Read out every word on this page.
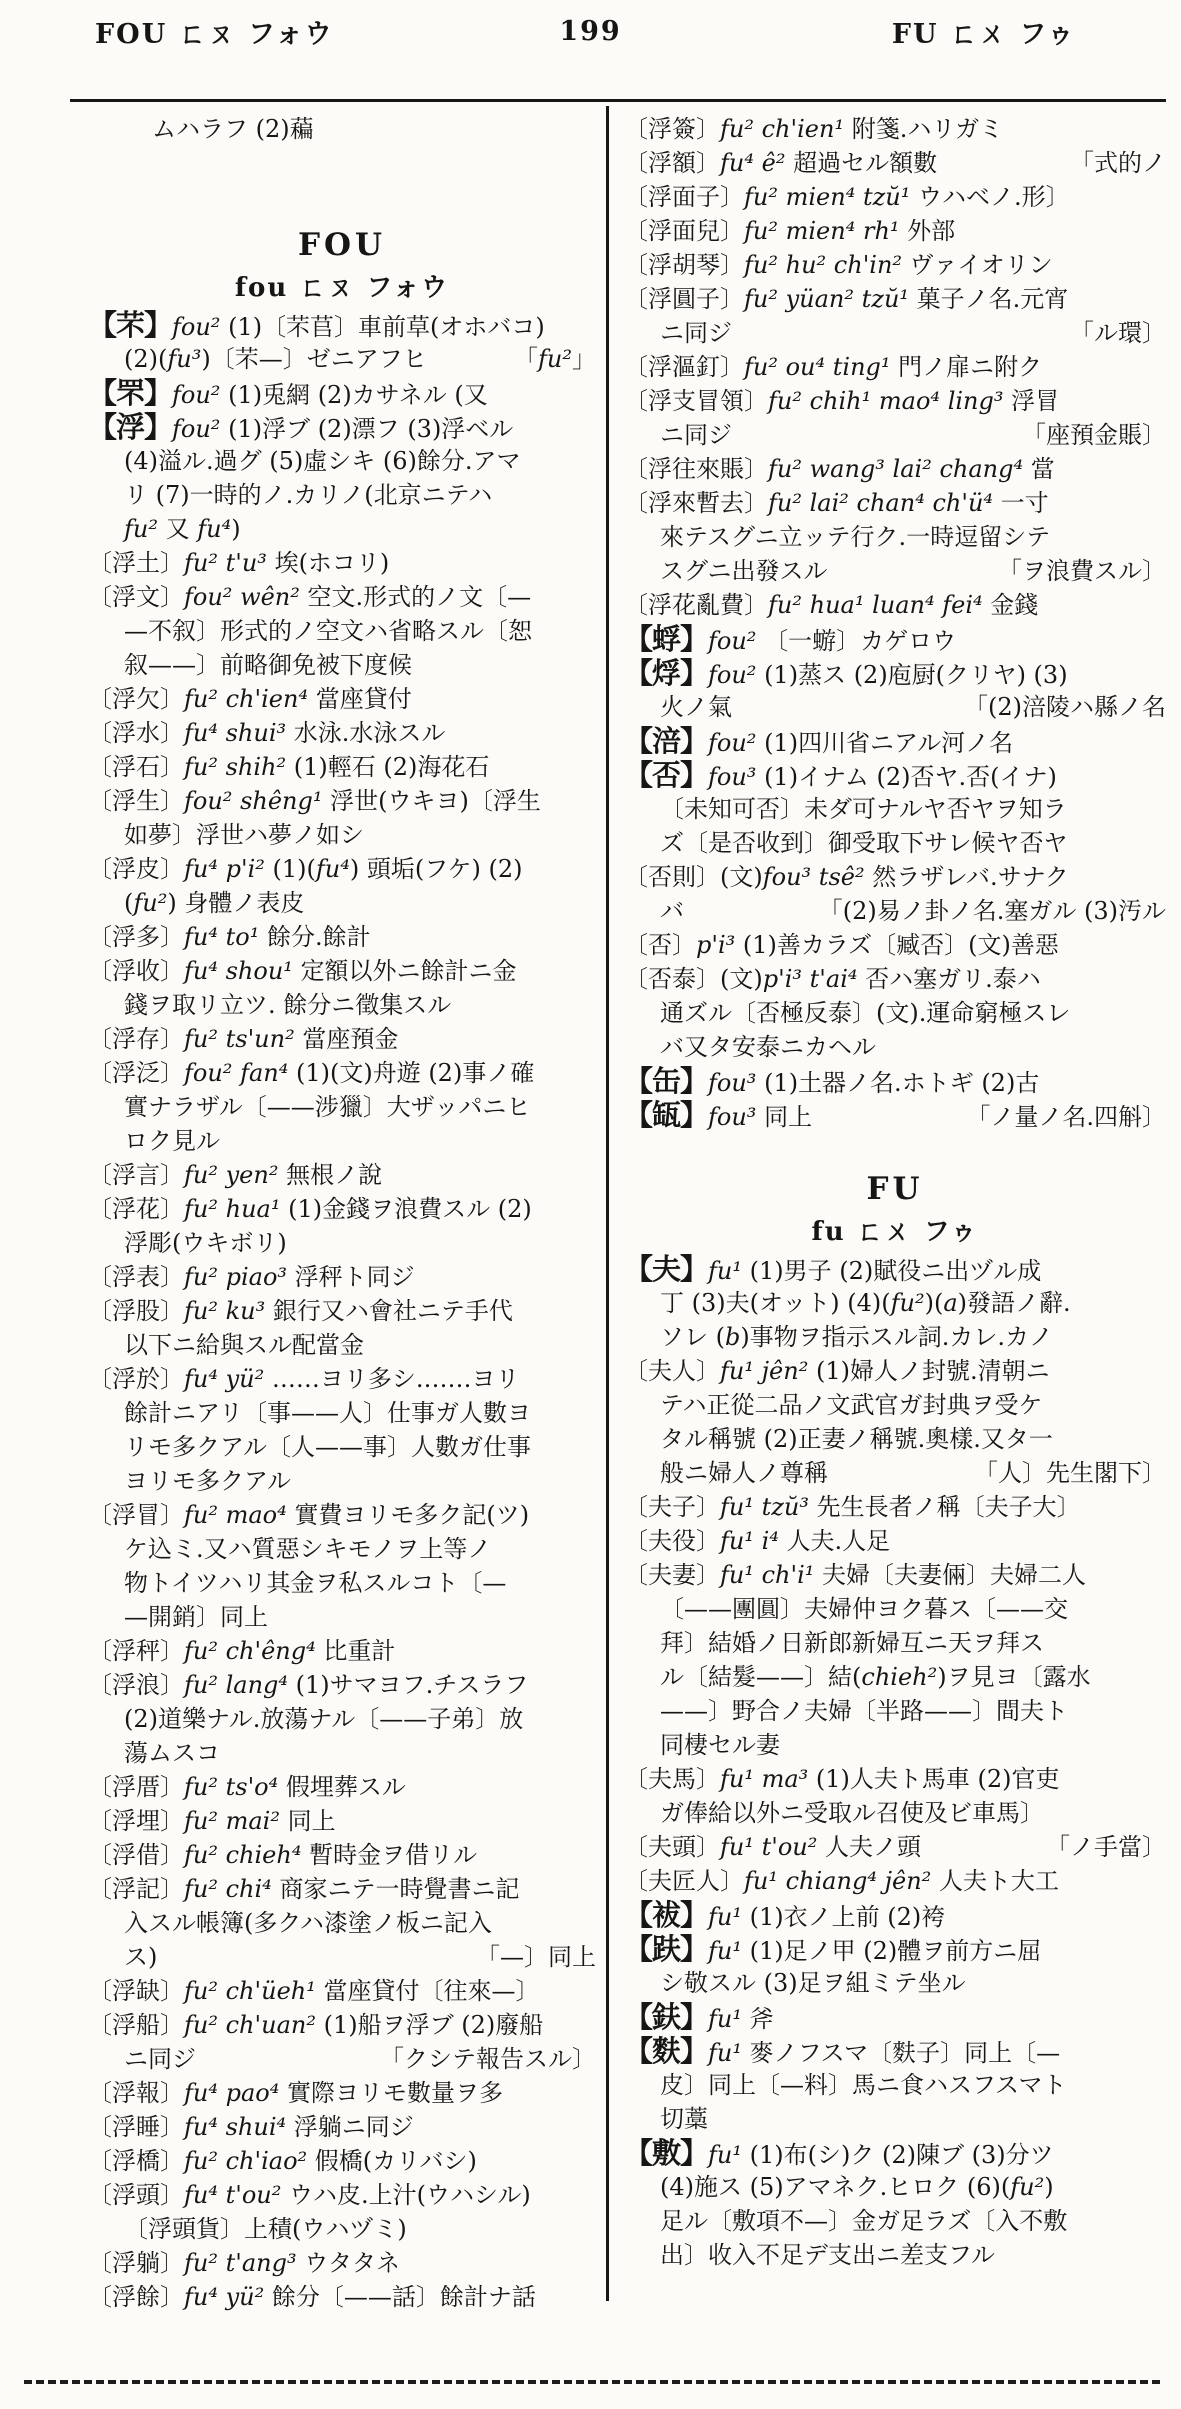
FOU ㄈㄡ フォウ	199	FU ㄈㄨ フゥ
ムハラフ (2)藊
FOU
fou ㄈㄡ フォウ
【芣】fou² (1)〔芣苢〕車前草(オホバコ)
(2)(fu³)〔芣—〕ゼニアフヒ	「fu²」
【罘】fou² (1)兎網 (2)カサネル (又
【浮】fou² (1)浮ブ (2)漂フ (3)浮ベル
(4)溢ル.過グ (5)虛シキ (6)餘分.アマ
リ (7)一時的ノ.カリノ(北京ニテハ
fu² 又 fu⁴)
〔浮土〕fu² t'u³ 埃(ホコリ)
〔浮文〕fou² wên² 空文.形式的ノ文〔—
—不叙〕形式的ノ空文ハ省略スル〔恕
叙——〕前略御免被下度候
〔浮欠〕fu² ch'ien⁴ 當座貸付
〔浮水〕fu⁴ shui³ 水泳.水泳スル
〔浮石〕fu² shih² (1)輕石 (2)海花石
〔浮生〕fou² shêng¹ 浮世(ウキヨ)〔浮生
如夢〕浮世ハ夢ノ如シ
〔浮皮〕fu⁴ p'i² (1)(fu⁴) 頭垢(フケ) (2)
(fu²) 身體ノ表皮
〔浮多〕fu⁴ to¹ 餘分.餘計
〔浮收〕fu⁴ shou¹ 定額以外ニ餘計ニ金
錢ヲ取リ立ツ. 餘分ニ徵集スル
〔浮存〕fu² ts'un² 當座預金
〔浮泛〕fou² fan⁴ (1)(文)舟遊 (2)事ノ確
實ナラザル〔——涉獵〕大ザッパニヒ
ロク見ル
〔浮言〕fu² yen² 無根ノ說
〔浮花〕fu² hua¹ (1)金錢ヲ浪費スル (2)
浮彫(ウキボリ)
〔浮表〕fu² piao³ 浮秤ト同ジ
〔浮股〕fu² ku³ 銀行又ハ會社ニテ手代
以下ニ給與スル配當金
〔浮於〕fu⁴ yü² ……ヨリ多シ.……ヨリ
餘計ニアリ〔事——人〕仕事ガ人數ヨ
リモ多クアル〔人——事〕人數ガ仕事
ヨリモ多クアル
〔浮冒〕fu² mao⁴ 實費ヨリモ多ク記(ツ)
ケ込ミ.又ハ質惡シキモノヲ上等ノ
物トイツハリ其金ヲ私スルコト〔—
—開銷〕同上
〔浮秤〕fu² ch'êng⁴ 比重計
〔浮浪〕fu² lang⁴ (1)サマヨフ.チスラフ
(2)道樂ナル.放蕩ナル〔——子弟〕放
蕩ムスコ
〔浮厝〕fu² ts'o⁴ 假埋葬スル
〔浮埋〕fu² mai² 同上
〔浮借〕fu² chieh⁴ 暫時金ヲ借リル
〔浮記〕fu² chi⁴ 商家ニテ一時覺書ニ記
入スル帳簿(多クハ漆塗ノ板ニ記入
ス)	「—〕同上
〔浮缺〕fu² ch'üeh¹ 當座貸付〔往來—〕
〔浮船〕fu² ch'uan² (1)船ヲ浮ブ (2)廢船
ニ同ジ	「クシテ報告スル〕
〔浮報〕fu⁴ pao⁴ 實際ヨリモ數量ヲ多
〔浮睡〕fu⁴ shui⁴ 浮躺ニ同ジ
〔浮橋〕fu² ch'iao² 假橋(カリバシ)
〔浮頭〕fu⁴ t'ou² ウハ皮.上汁(ウハシル)
〔浮頭貨〕上積(ウハヅミ)
〔浮躺〕fu² t'ang³ ウタタネ
〔浮餘〕fu⁴ yü² 餘分〔——話〕餘計ナ話
〔浮簽〕fu² ch'ien¹ 附箋.ハリガミ
〔浮額〕fu⁴ ê² 超過セル額數	「式的ノ
〔浮面子〕fu² mien⁴ tzŭ¹ ウハベノ.形〕
〔浮面兒〕fu² mien⁴ rh¹ 外部
〔浮胡琴〕fu² hu² ch'in² ヴァイオリン
〔浮圓子〕fu² yüan² tzŭ¹ 菓子ノ名.元宵
ニ同ジ	「ル環〕
〔浮漚釘〕fu² ou⁴ ting¹ 門ノ扉ニ附ク
〔浮支冒領〕fu² chih¹ mao⁴ ling³ 浮冒
ニ同ジ	「座預金賬〕
〔浮往來賬〕fu² wang³ lai² chang⁴ 當
〔浮來暫去〕fu² lai² chan⁴ ch'ü⁴ 一寸
來テスグニ立ッテ行ク.一時逗留シテ
スグニ出發スル	「ヲ浪費スル〕
〔浮花亂費〕fu² hua¹ luan⁴ fei⁴ 金錢
【蜉】fou² 〔一蝣〕カゲロウ
【烰】fou² (1)蒸ス (2)庖厨(クリヤ) (3)
火ノ氣	「(2)涪陵ハ縣ノ名
【涪】fou² (1)四川省ニアル河ノ名
【否】fou³ (1)イナム (2)否ヤ.否(イナ)
〔未知可否〕未ダ可ナルヤ否ヤヲ知ラ
ズ〔是否收到〕御受取下サレ候ヤ否ヤ
〔否則〕(文)fou³ tsê² 然ラザレバ.サナク
バ	「(2)易ノ卦ノ名.塞ガル (3)汚ル
〔否〕p'i³ (1)善カラズ〔臧否〕(文)善惡
〔否泰〕(文)p'i³ t'ai⁴ 否ハ塞ガリ.泰ハ
通ズル〔否極反泰〕(文).運命窮極スレ
バ又タ安泰ニカヘル
【缶】fou³ (1)土器ノ名.ホトギ (2)古
【缻】fou³ 同上	「ノ量ノ名.四斛〕
FU
fu ㄈㄨ フゥ
【夫】fu¹ (1)男子 (2)賦役ニ出ヅル成
丁 (3)夫(オット) (4)(fu²)(a)發語ノ辭.
ソレ (b)事物ヲ指示スル詞.カレ.カノ
〔夫人〕fu¹ jên² (1)婦人ノ封號.清朝ニ
テハ正從二品ノ文武官ガ封典ヲ受ケ
タル稱號 (2)正妻ノ稱號.奧樣.又タ一
般ニ婦人ノ尊稱	「人〕先生閣下〕
〔夫子〕fu¹ tzŭ³ 先生長者ノ稱〔夫子大〕
〔夫役〕fu¹ i⁴ 人夫.人足
〔夫妻〕fu¹ ch'i¹ 夫婦〔夫妻倆〕夫婦二人
〔——團圓〕夫婦仲ヨク暮ス〔——交
拜〕結婚ノ日新郎新婦互ニ天ヲ拜ス
ル〔結髮——〕結(chieh²)ヲ見ヨ〔露水
——〕野合ノ夫婦〔半路——〕間夫ト
同棲セル妻
〔夫馬〕fu¹ ma³ (1)人夫ト馬車 (2)官吏
ガ俸給以外ニ受取ル召使及ビ車馬〕
〔夫頭〕fu¹ t'ou² 人夫ノ頭	「ノ手當〕
〔夫匠人〕fu¹ chiang⁴ jên² 人夫ト大工
【袚】fu¹ (1)衣ノ上前 (2)袴
【趺】fu¹ (1)足ノ甲 (2)體ヲ前方ニ屈
シ敬スル (3)足ヲ組ミテ坐ル
【鈇】fu¹ 斧
【麩】fu¹ 麥ノフスマ〔麩子〕同上〔—
皮〕同上〔—料〕馬ニ食ハスフスマト
切藁
【敷】fu¹ (1)布(シ)ク (2)陳ブ (3)分ツ
(4)施ス (5)アマネク.ヒロク (6)(fu²)
足ル〔敷項不—〕金ガ足ラズ〔入不敷
出〕收入不足デ支出ニ差支フル
